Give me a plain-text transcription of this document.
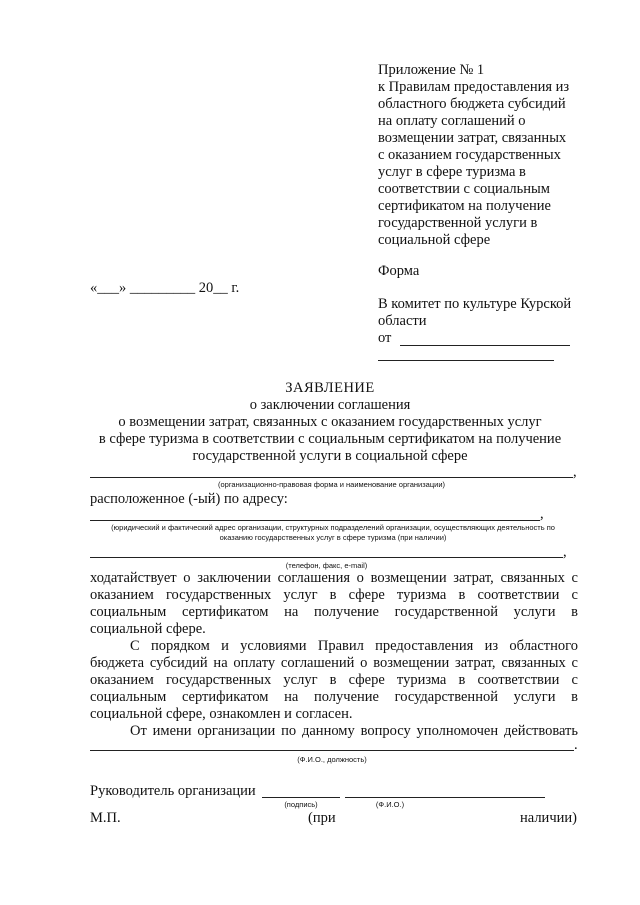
Приложение № 1
к Правилам предоставления из
областного бюджета субсидий
на оплату соглашений о
возмещении затрат, связанных
с оказанием государственных
услуг в сфере туризма в
соответствии с социальным
сертификатом на получение
государственной услуги в
социальной сфере
Форма
«___» _________ 20__ г.
В комитет по культуре Курской
области
от
ЗАЯВЛЕНИЕ
о заключении соглашения
о возмещении затрат, связанных с оказанием государственных услуг
в сфере туризма в соответствии с социальным сертификатом на получение
государственной услуги в социальной сфере
,
(организационно-правовая форма и наименование организации)
расположенное (-ый) по адресу:
,
(юридический и фактический адрес организации, структурных подразделений организации, осуществляющих деятельность по
оказанию государственных услуг в сфере туризма (при наличии)
,
(телефон, факс, e-mail)
ходатайствует о заключении соглашения о возмещении затрат, связанных с
оказанием государственных услуг в сфере туризма в соответствии с
социальным сертификатом на получение государственной услуги в
социальной сфере.
С порядком и условиями Правил предоставления из областного
бюджета субсидий на оплату соглашений о возмещении затрат, связанных с
оказанием государственных услуг в сфере туризма в соответствии с
социальным сертификатом на получение государственной услуги в
социальной сфере, ознакомлен и согласен.
От имени организации по данному вопросу уполномочен действовать
.
(Ф.И.О., должность)
Руководитель организации
(подпись)	(Ф.И.О.)
М.П.	(при	наличии)
